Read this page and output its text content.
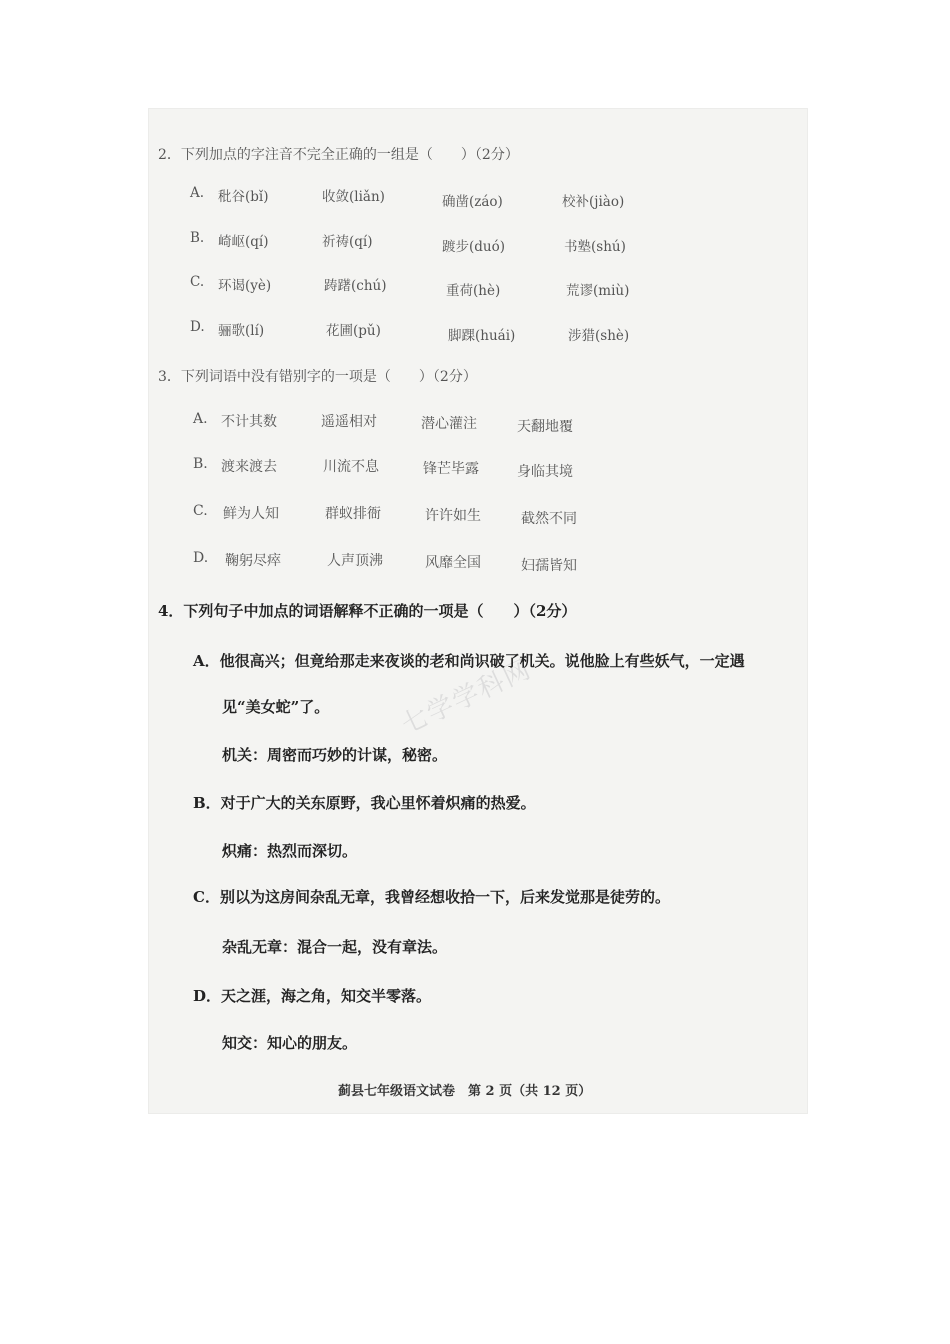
七学学科网
2．下列加点的字注音不完全正确的一组是（　　）（2分）
A. 秕谷(bǐ)	收敛(liǎn)	确凿(záo)	校补(jiào)
B. 崎岖(qí)	祈祷(qí)	踱步(duó)	书塾(shú)
C. 环谒(yè)	踌躇(chú)	重荷(hè)	荒谬(miù)
D. 骊歌(lí)	花圃(pǔ)	脚踝(huái)	涉猎(shè)
3．下列词语中没有错别字的一项是（　　）（2分）
A. 不计其数	遥遥相对	潜心灌注	天翻地覆
B. 渡来渡去	川流不息	锋芒毕露	身临其境
C. 鲜为人知	群蚁排衙	许许如生	截然不同
D. 鞠躬尽瘁	人声顶沸	风靡全国	妇孺皆知
4．下列句子中加点的词语解释不正确的一项是（　　）（2分）
A．他很高兴；但竟给那走来夜谈的老和尚识破了机关。说他脸上有些妖气，一定遇
见“美女蛇”了。
机关：周密而巧妙的计谋，秘密。
B．对于广大的关东原野，我心里怀着炽痛的热爱。
炽痛：热烈而深切。
C．别以为这房间杂乱无章，我曾经想收拾一下，后来发觉那是徒劳的。
杂乱无章：混合一起，没有章法。
D．天之涯，海之角，知交半零落。
知交：知心的朋友。
蓟县七年级语文试卷　第 2 页（共 12 页）
